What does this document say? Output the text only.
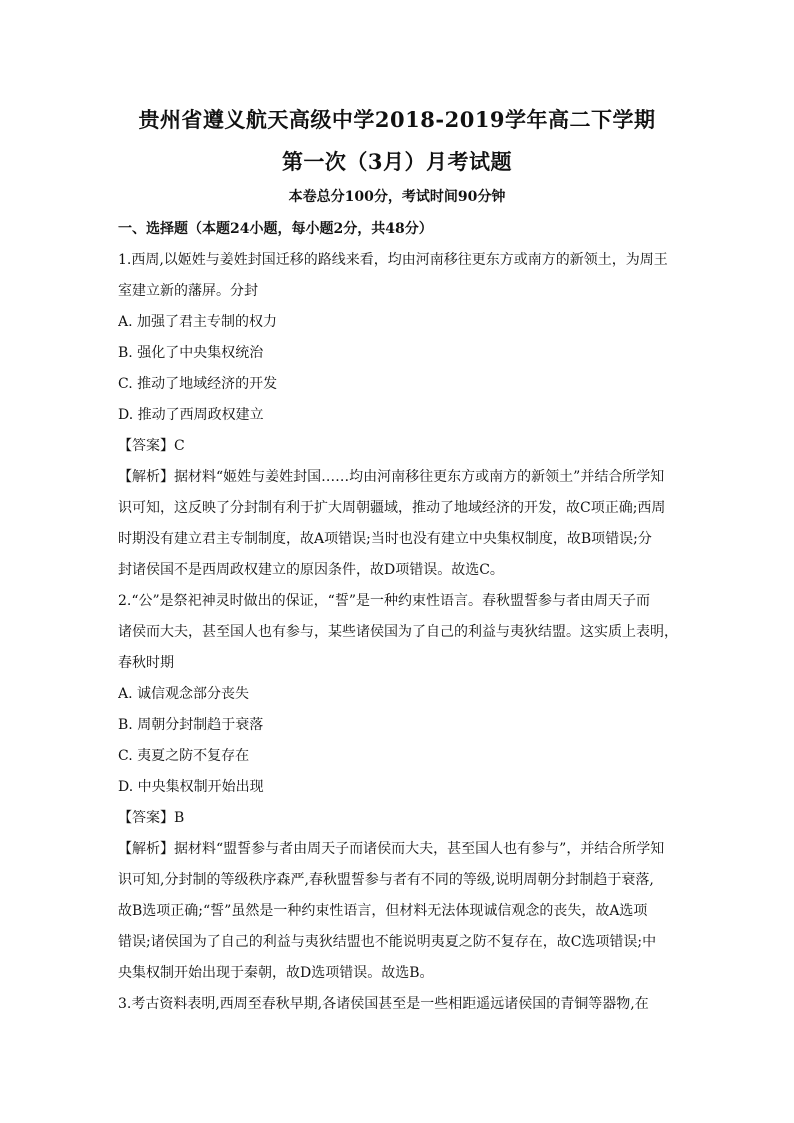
贵州省遵义航天高级中学2018-2019学年高二下学期
第一次（3月）月考试题
本卷总分100分，考试时间90分钟
一、选择题（本题24小题，每小题2分，共48分）
1.西周,以姬姓与姜姓封国迁移的路线来看，均由河南移往更东方或南方的新领土，为周王
室建立新的藩屏。分封
A. 加强了君主专制的权力
B. 强化了中央集权统治
C. 推动了地域经济的开发
D. 推动了西周政权建立
【答案】C
【解析】据材料“姬姓与姜姓封国……均由河南移往更东方或南方的新领土”并结合所学知
识可知，这反映了分封制有利于扩大周朝疆域，推动了地域经济的开发，故C项正确;西周
时期没有建立君主专制制度，故A项错误;当时也没有建立中央集权制度，故B项错误;分
封诸侯国不是西周政权建立的原因条件，故D项错误。故选C。
2.“公”是祭祀神灵时做出的保证，“誓”是一种约束性语言。春秋盟誓参与者由周天子而
诸侯而大夫，甚至国人也有参与，某些诸侯国为了自己的利益与夷狄结盟。这实质上表明，
春秋时期
A. 诚信观念部分丧失
B. 周朝分封制趋于衰落
C. 夷夏之防不复存在
D. 中央集权制开始出现
【答案】B
【解析】据材料“盟誓参与者由周天子而诸侯而大夫，甚至国人也有参与”，并结合所学知
识可知,分封制的等级秩序森严,春秋盟誓参与者有不同的等级,说明周朝分封制趋于衰落,
故B选项正确;“誓”虽然是一种约束性语言，但材料无法体现诚信观念的丧失，故A选项
错误;诸侯国为了自己的利益与夷狄结盟也不能说明夷夏之防不复存在，故C选项错误;中
央集权制开始出现于秦朝，故D选项错误。故选B。
3.考古资料表明,西周至春秋早期,各诸侯国甚至是一些相距遥远诸侯国的青铜等器物,在
